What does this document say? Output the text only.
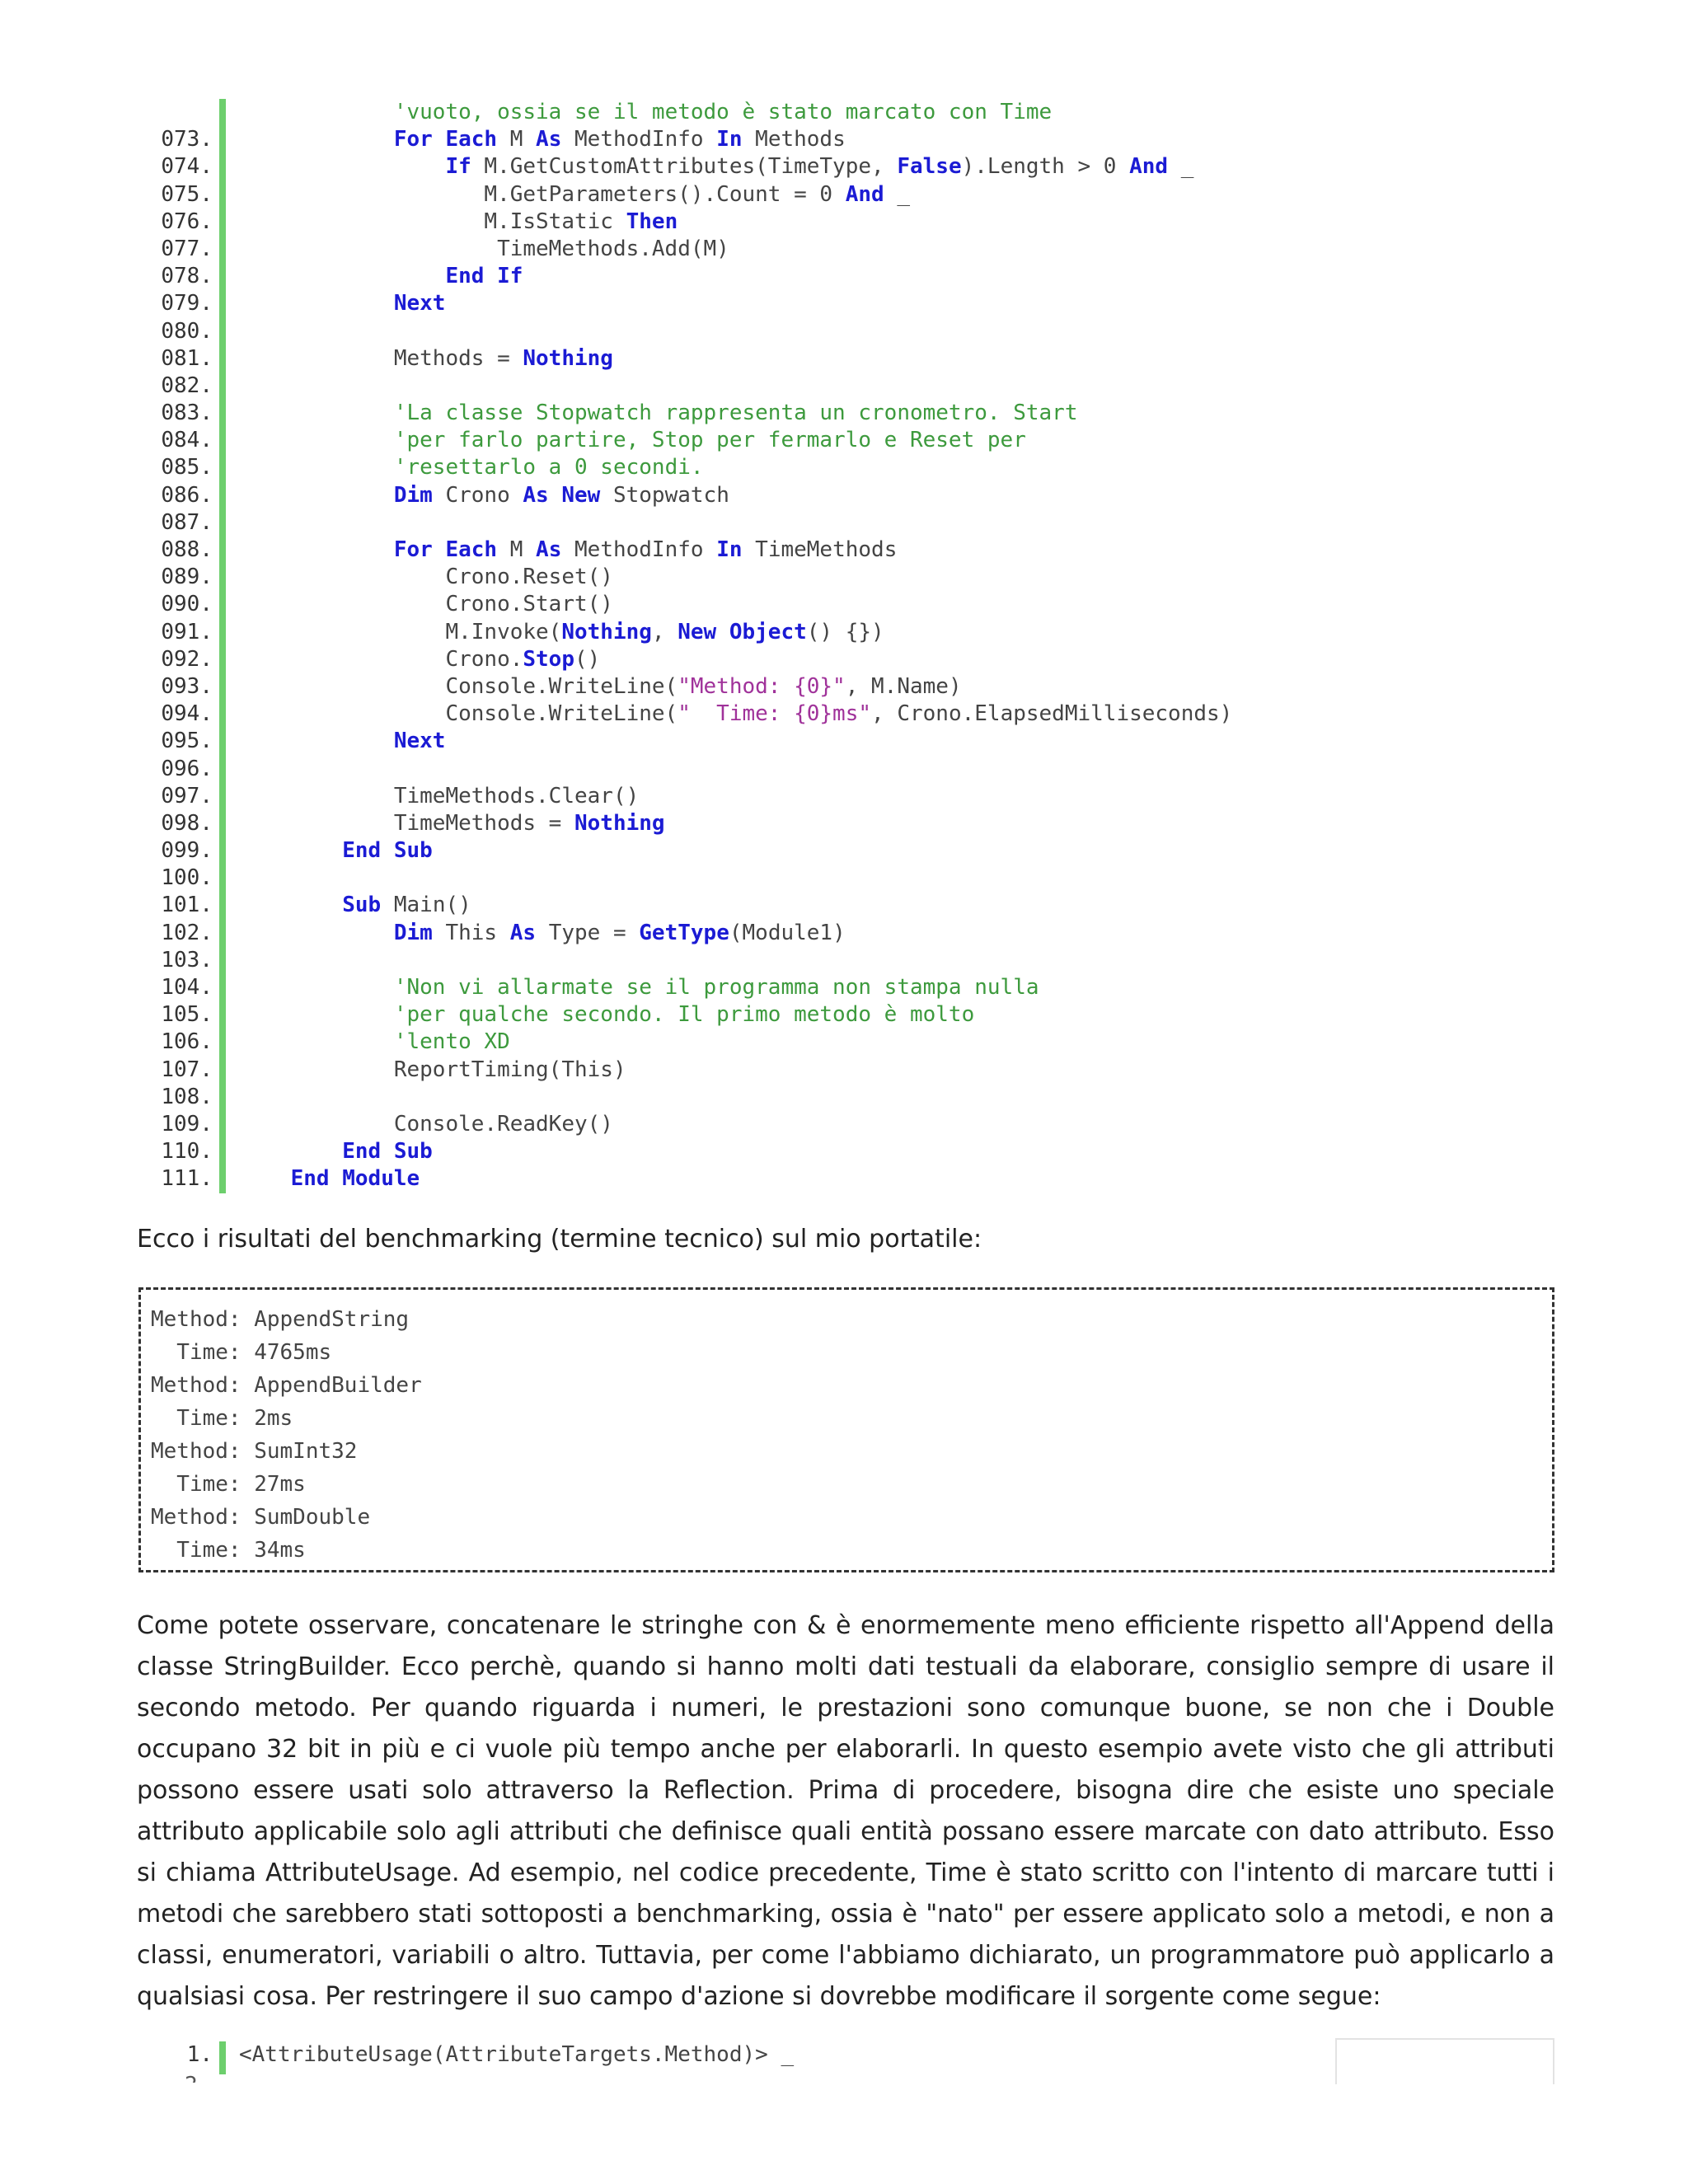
'vuoto, ossia se il metodo è stato marcato con Time
073.	For Each M As MethodInfo In Methods
074.	If M.GetCustomAttributes(TimeType, False).Length > 0 And _
075. M.GetParameters().Count = 0 And _
076. M.IsStatic Then
077. TimeMethods.Add(M)
078.	End If
079.	Next
080.
081. Methods = Nothing
082.
083.	'La classe Stopwatch rappresenta un cronometro. Start
084.	'per farlo partire, Stop per fermarlo e Reset per
085.	'resettarlo a 0 secondi.
086.	Dim Crono As New Stopwatch
087.
088.	For Each M As MethodInfo In TimeMethods
089. Crono.Reset()
090. Crono.Start()
091. M.Invoke(Nothing, New Object() {})
092. Crono.Stop()
093. Console.WriteLine("Method: {0}", M.Name)
094. Console.WriteLine("  Time: {0}ms", Crono.ElapsedMilliseconds)
095.	Next
096.
097. TimeMethods.Clear()
098. TimeMethods = Nothing
099.	End Sub
100.
101.	Sub Main()
102.	Dim This As Type = GetType(Module1)
103.
104.	'Non vi allarmate se il programma non stampa nulla
105.	'per qualche secondo. Il primo metodo è molto
106.	'lento XD
107. ReportTiming(This)
108.
109. Console.ReadKey()
110.	End Sub
111.	End Module
Ecco i risultati del benchmarking (termine tecnico) sul mio portatile:
Method: AppendString
Time: 4765ms
Method: AppendBuilder
Time: 2ms
Method: SumInt32
Time: 27ms
Method: SumDouble
Time: 34ms
Come potete osservare, concatenare le stringhe con & è enormemente meno efficiente rispetto all'Append della classe StringBuilder. Ecco perchè, quando si hanno molti dati testuali da elaborare, consiglio sempre di usare il secondo metodo. Per quando riguarda i numeri, le prestazioni sono comunque buone, se non che i Double occupano 32 bit in più e ci vuole più tempo anche per elaborarli. In questo esempio avete visto che gli attributi possono essere usati solo attraverso la Reflection. Prima di procedere, bisogna dire che esiste uno speciale attributo applicabile solo agli attributi che definisce quali entità possano essere marcate con dato attributo. Esso si chiama AttributeUsage. Ad esempio, nel codice precedente, Time è stato scritto con l'intento di marcare tutti i metodi che sarebbero stati sottoposti a benchmarking, ossia è "nato" per essere applicato solo a metodi, e non a classi, enumeratori, variabili o altro. Tuttavia, per come l'abbiamo dichiarato, un programmatore può applicarlo a qualsiasi cosa. Per restringere il suo campo d'azione si dovrebbe modificare il sorgente come segue:
1. <AttributeUsage(AttributeTargets.Method)> _
